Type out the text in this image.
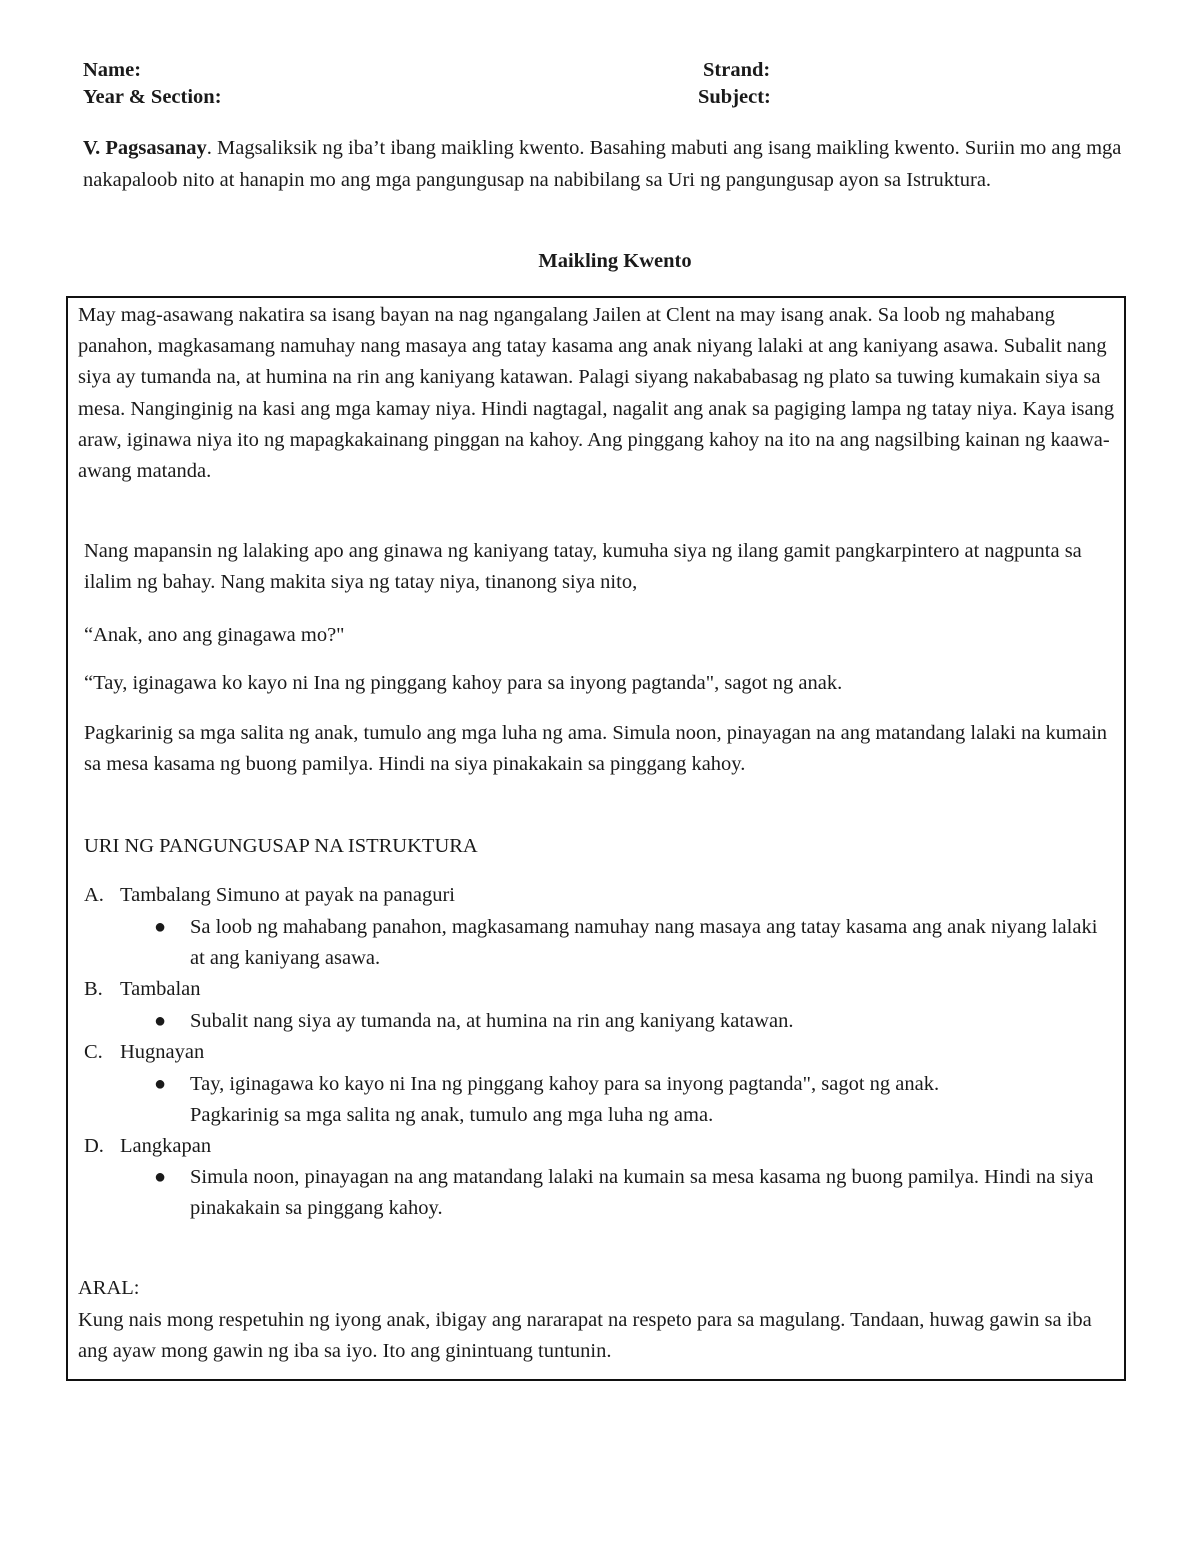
Name:
Year & Section:
Strand:
Subject:

V. Pagsasanay. Magsaliksik ng iba’t ibang maikling kwento. Basahing mabuti ang isang maikling kwento. Suriin mo ang mga nakapaloob nito at hanapin mo ang mga pangungusap na nabibilang sa Uri ng pangungusap ayon sa Istruktura.

Maikling Kwento

May mag-asawang nakatira sa isang bayan na nag ngangalang Jailen at Clent na may isang anak. Sa loob ng mahabang panahon, magkasamang namuhay nang masaya ang tatay kasama ang anak niyang lalaki at ang kaniyang asawa. Subalit nang siya ay tumanda na, at humina na rin ang kaniyang katawan. Palagi siyang nakababasag ng plato sa tuwing kumakain siya sa mesa. Nanginginig na kasi ang mga kamay niya. Hindi nagtagal, nagalit ang anak sa pagiging lampa ng tatay niya. Kaya isang araw, iginawa niya ito ng mapagkakainang pinggan na kahoy. Ang pinggang kahoy na ito na ang nagsilbing kainan ng kaawa-awang matanda.

Nang mapansin ng lalaking apo ang ginawa ng kaniyang tatay, kumuha siya ng ilang gamit pangkarpintero at nagpunta sa ilalim ng bahay. Nang makita siya ng tatay niya, tinanong siya nito,

“Anak, ano ang ginagawa mo?"

“Tay, iginagawa ko kayo ni Ina ng pinggang kahoy para sa inyong pagtanda", sagot ng anak.

Pagkarinig sa mga salita ng anak, tumulo ang mga luha ng ama. Simula noon, pinayagan na ang matandang lalaki na kumain sa mesa kasama ng buong pamilya. Hindi na siya pinakakain sa pinggang kahoy.

URI NG PANGUNGUSAP NA ISTRUKTURA

A. Tambalang Simuno at payak na panaguri
● Sa loob ng mahabang panahon, magkasamang namuhay nang masaya ang tatay kasama ang anak niyang lalaki at ang kaniyang asawa.
B. Tambalan
● Subalit nang siya ay tumanda na, at humina na rin ang kaniyang katawan.
C. Hugnayan
● Tay, iginagawa ko kayo ni Ina ng pinggang kahoy para sa inyong pagtanda", sagot ng anak. Pagkarinig sa mga salita ng anak, tumulo ang mga luha ng ama.
D. Langkapan
● Simula noon, pinayagan na ang matandang lalaki na kumain sa mesa kasama ng buong pamilya. Hindi na siya pinakakain sa pinggang kahoy.

ARAL:

Kung nais mong respetuhin ng iyong anak, ibigay ang nararapat na respeto para sa magulang. Tandaan, huwag gawin sa iba ang ayaw mong gawin ng iba sa iyo. Ito ang ginintuang tuntunin.
